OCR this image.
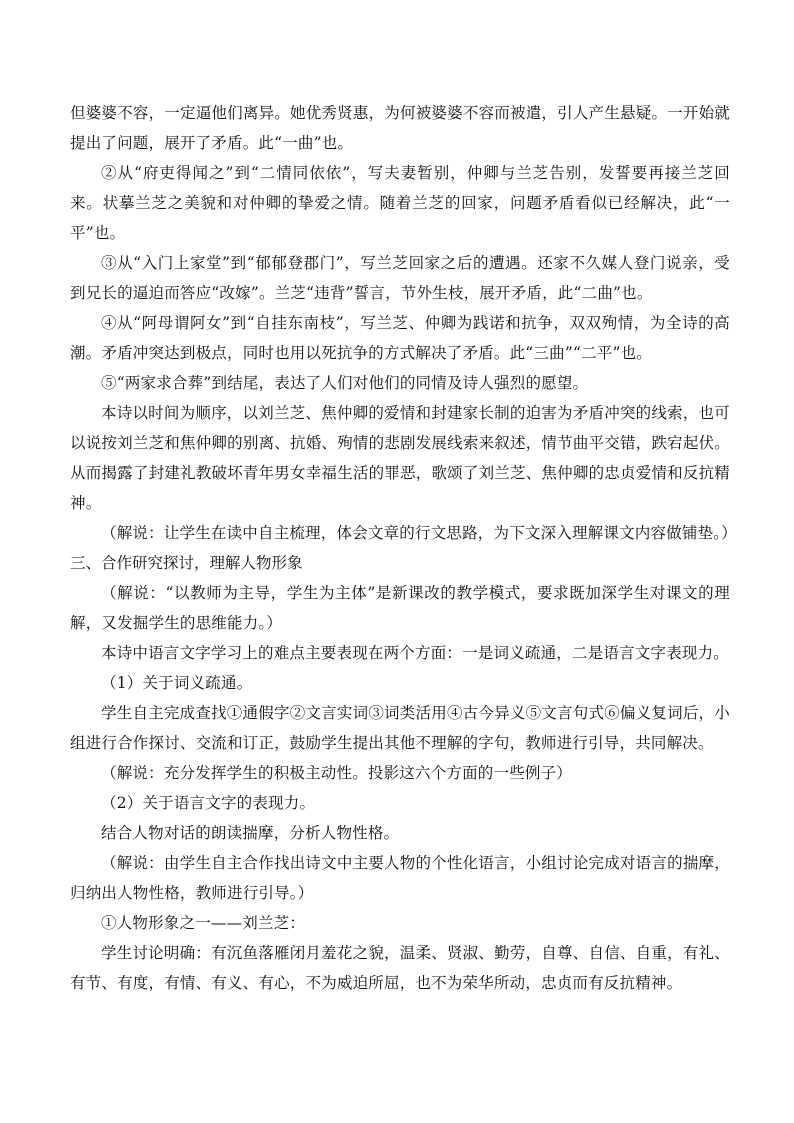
但婆婆不容，一定逼他们离异。她优秀贤惠，为何被婆婆不容而被遣，引人产生悬疑。一开始就提出了问题，展开了矛盾。此“一曲”也。

②从“府吏得闻之”到“二情同依依”，写夫妻暂别，仲卿与兰芝告别，发誓要再接兰芝回来。状摹兰芝之美貌和对仲卿的挚爱之情。随着兰芝的回家，问题矛盾看似已经解决，此“一平”也。

③从“入门上家堂”到“郁郁登郡门”，写兰芝回家之后的遭遇。还家不久媒人登门说亲，受到兄长的逼迫而答应“改嫁”。兰芝“违背”誓言，节外生枝，展开矛盾，此“二曲”也。

④从“阿母谓阿女”到“自挂东南枝”，写兰芝、仲卿为践诺和抗争，双双殉情，为全诗的高潮。矛盾冲突达到极点，同时也用以死抗争的方式解决了矛盾。此“三曲”“二平”也。

⑤“两家求合葬”到结尾，表达了人们对他们的同情及诗人强烈的愿望。

本诗以时间为顺序，以刘兰芝、焦仲卿的爱情和封建家长制的迫害为矛盾冲突的线索，也可以说按刘兰芝和焦仲卿的别离、抗婚、殉情的悲剧发展线索来叙述，情节曲平交错，跌宕起伏。从而揭露了封建礼教破坏青年男女幸福生活的罪恶，歌颂了刘兰芝、焦仲卿的忠贞爱情和反抗精神。

（解说：让学生在读中自主梳理，体会文章的行文思路，为下文深入理解课文内容做铺垫。）

三、合作研究探讨，理解人物形象

（解说：“以教师为主导，学生为主体”是新课改的教学模式，要求既加深学生对课文的理解，又发掘学生的思维能力。）

本诗中语言文字学习上的难点主要表现在两个方面：一是词义疏通，二是语言文字表现力。

（1）关于词义疏通。

学生自主完成查找①通假字②文言实词③词类活用④古今异义⑤文言句式⑥偏义复词后，小组进行合作探讨、交流和订正，鼓励学生提出其他不理解的字句，教师进行引导，共同解决。

（解说：充分发挥学生的积极主动性。投影这六个方面的一些例子）

（2）关于语言文字的表现力。

结合人物对话的朗读揣摩，分析人物性格。

（解说：由学生自主合作找出诗文中主要人物的个性化语言，小组讨论完成对语言的揣摩，归纳出人物性格，教师进行引导。）

①人物形象之一——刘兰芝：

学生讨论明确：有沉鱼落雁闭月羞花之貌，温柔、贤淑、勤劳，自尊、自信、自重，有礼、有节、有度，有情、有义、有心，不为威迫所屈，也不为荣华所动，忠贞而有反抗精神。
